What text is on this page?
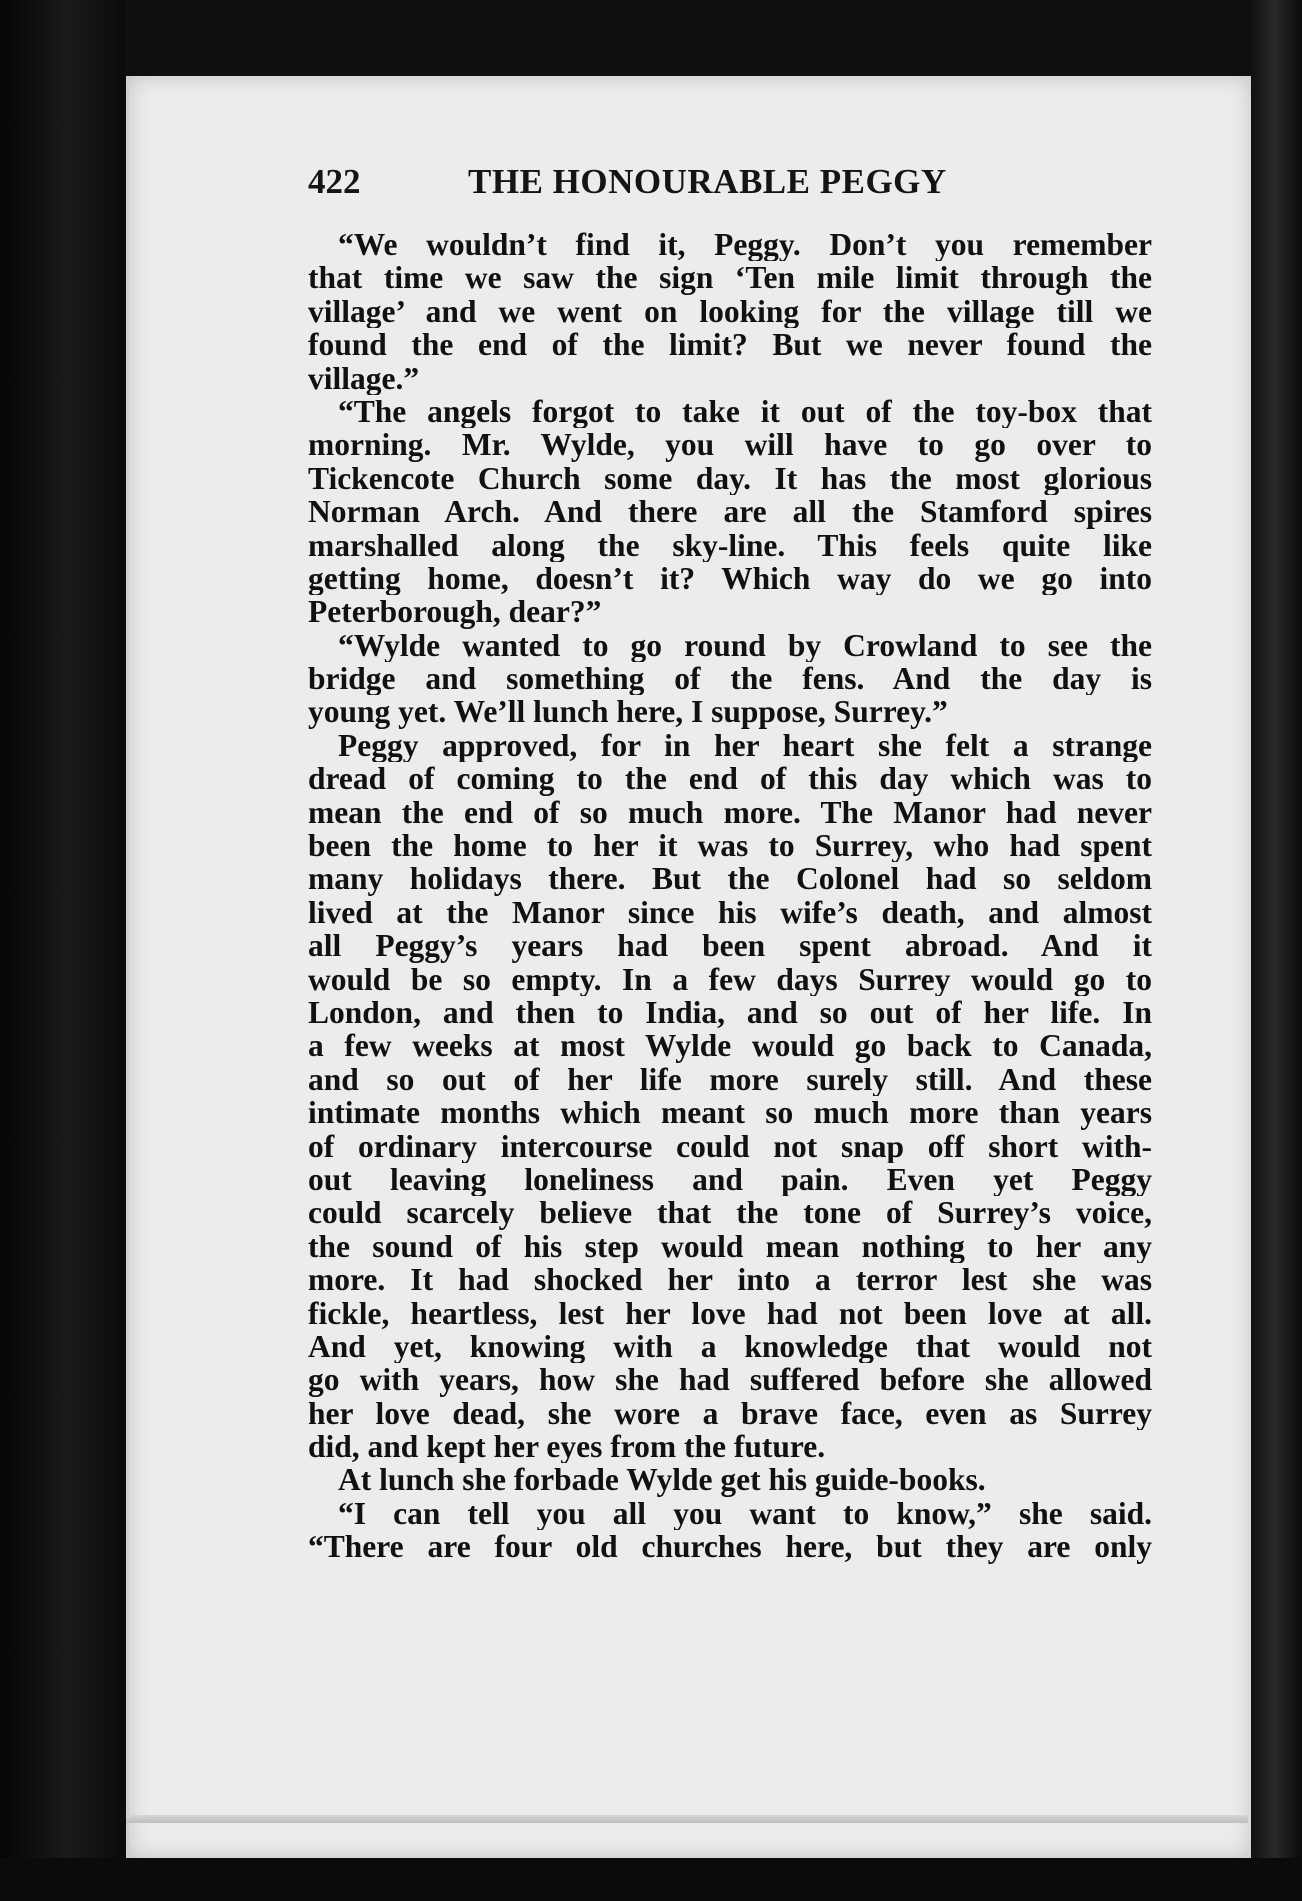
422	THE HONOURABLE PEGGY
“We wouldn’t find it, Peggy. Don’t you remember
that time we saw the sign ‘Ten mile limit through the
village’ and we went on looking for the village till we
found the end of the limit? But we never found the
village.”
“The angels forgot to take it out of the toy-box that
morning. Mr. Wylde, you will have to go over to
Tickencote Church some day. It has the most glorious
Norman Arch. And there are all the Stamford spires
marshalled along the sky-line. This feels quite like
getting home, doesn’t it? Which way do we go into
Peterborough, dear?”
“Wylde wanted to go round by Crowland to see the
bridge and something of the fens. And the day is
young yet. We’ll lunch here, I suppose, Surrey.”
Peggy approved, for in her heart she felt a strange
dread of coming to the end of this day which was to
mean the end of so much more. The Manor had never
been the home to her it was to Surrey, who had spent
many holidays there. But the Colonel had so seldom
lived at the Manor since his wife’s death, and almost
all Peggy’s years had been spent abroad. And it
would be so empty. In a few days Surrey would go to
London, and then to India, and so out of her life. In
a few weeks at most Wylde would go back to Canada,
and so out of her life more surely still. And these
intimate months which meant so much more than years
of ordinary intercourse could not snap off short with-
out leaving loneliness and pain. Even yet Peggy
could scarcely believe that the tone of Surrey’s voice,
the sound of his step would mean nothing to her any
more. It had shocked her into a terror lest she was
fickle, heartless, lest her love had not been love at all.
And yet, knowing with a knowledge that would not
go with years, how she had suffered before she allowed
her love dead, she wore a brave face, even as Surrey
did, and kept her eyes from the future.
At lunch she forbade Wylde get his guide-books.
“I can tell you all you want to know,” she said.
“There are four old churches here, but they are only
